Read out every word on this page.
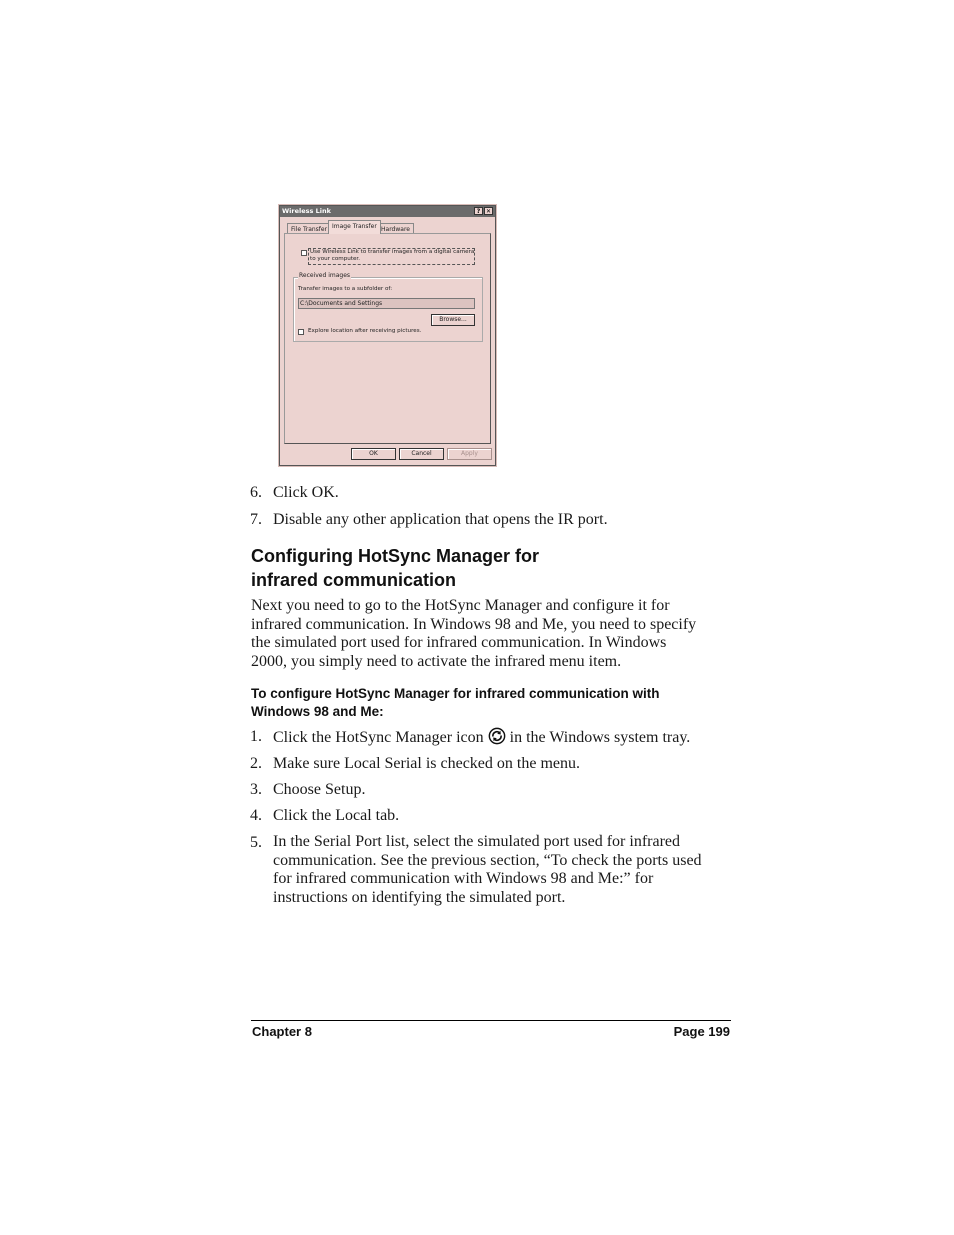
Wireless Link	? ✕
File Transfer Image Transfer Hardware
Use Wireless Link to transfer images from a digital camera
to your computer.
Received images
Transfer images to a subfolder of:
C:\Documents and Settings
Browse...
Explore location after receiving pictures.
OK	Cancel	Apply
6. Click OK.
7. Disable any other application that opens the IR port.
Configuring HotSync Manager for
infrared communication
Next you need to go to the HotSync Manager and configure it for
infrared communication. In Windows 98 and Me, you need to specify
the simulated port used for infrared communication. In Windows
2000, you simply need to activate the infrared menu item.
To configure HotSync Manager for infrared communication with
Windows 98 and Me:
1. Click the HotSync Manager icon in the Windows system tray.
2. Make sure Local Serial is checked on the menu.
3. Choose Setup.
4. Click the Local tab.
5. In the Serial Port list, select the simulated port used for infrared
communication. See the previous section, “To check the ports used
for infrared communication with Windows 98 and Me:” for
instructions on identifying the simulated port.
Chapter 8	Page 199
